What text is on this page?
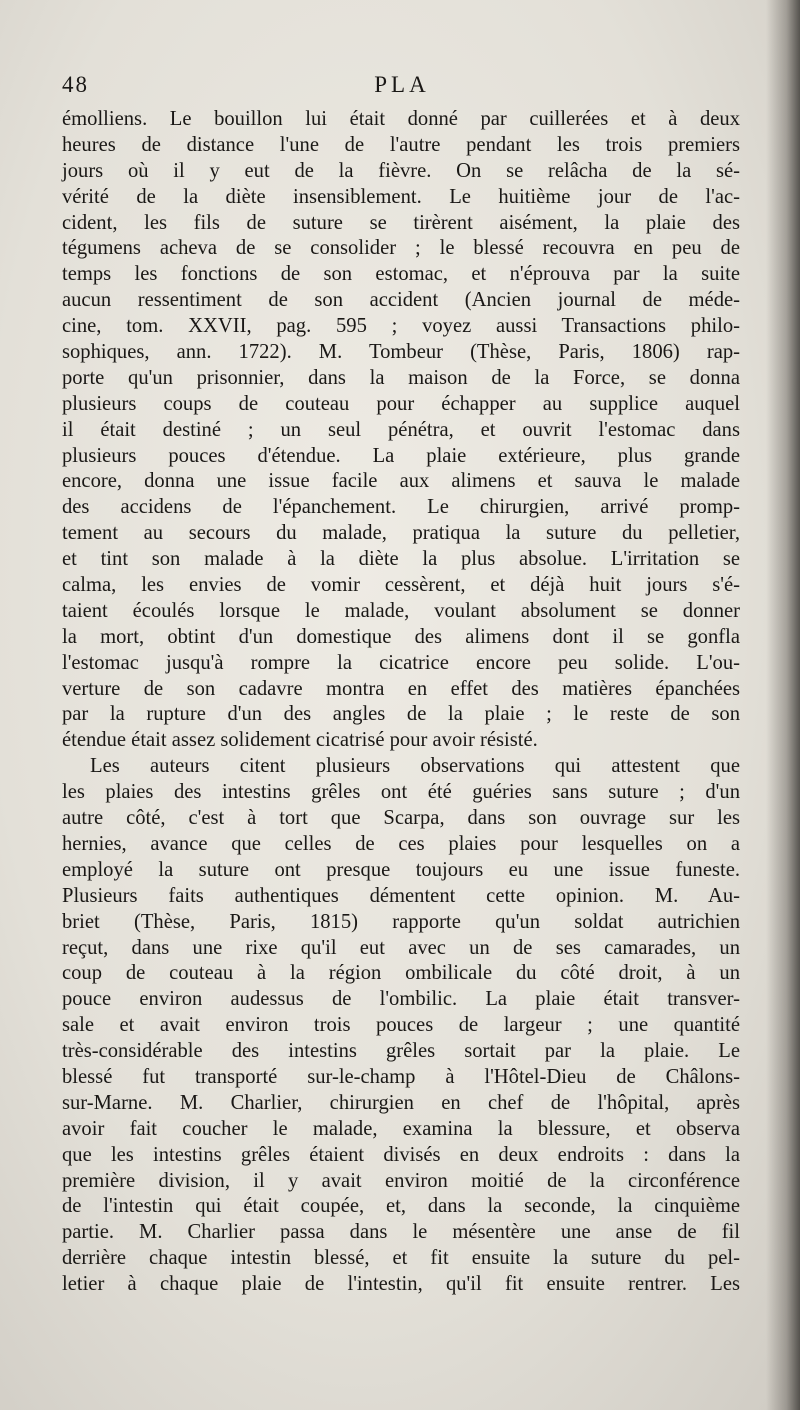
48	PLA
émolliens. Le bouillon lui était donné par cuillerées et à deux
heures de distance l'une de l'autre pendant les trois premiers
jours où il y eut de la fièvre. On se relâcha de la sé-
vérité de la diète insensiblement. Le huitième jour de l'ac-
cident, les fils de suture se tirèrent aisément, la plaie des
tégumens acheva de se consolider ; le blessé recouvra en peu de
temps les fonctions de son estomac, et n'éprouva par la suite
aucun ressentiment de son accident (Ancien journal de méde-
cine, tom. XXVII, pag. 595 ; voyez aussi Transactions philo-
sophiques, ann. 1722). M. Tombeur (Thèse, Paris, 1806) rap-
porte qu'un prisonnier, dans la maison de la Force, se donna
plusieurs coups de couteau pour échapper au supplice auquel
il était destiné ; un seul pénétra, et ouvrit l'estomac dans
plusieurs pouces d'étendue. La plaie extérieure, plus grande
encore, donna une issue facile aux alimens et sauva le malade
des accidens de l'épanchement. Le chirurgien, arrivé promp-
tement au secours du malade, pratiqua la suture du pelletier,
et tint son malade à la diète la plus absolue. L'irritation se
calma, les envies de vomir cessèrent, et déjà huit jours s'é-
taient écoulés lorsque le malade, voulant absolument se donner
la mort, obtint d'un domestique des alimens dont il se gonfla
l'estomac jusqu'à rompre la cicatrice encore peu solide. L'ou-
verture de son cadavre montra en effet des matières épanchées
par la rupture d'un des angles de la plaie ; le reste de son
étendue était assez solidement cicatrisé pour avoir résisté.
Les auteurs citent plusieurs observations qui attestent que
les plaies des intestins grêles ont été guéries sans suture ; d'un
autre côté, c'est à tort que Scarpa, dans son ouvrage sur les
hernies, avance que celles de ces plaies pour lesquelles on a
employé la suture ont presque toujours eu une issue funeste.
Plusieurs faits authentiques démentent cette opinion. M. Au-
briet (Thèse, Paris, 1815) rapporte qu'un soldat autrichien
reçut, dans une rixe qu'il eut avec un de ses camarades, un
coup de couteau à la région ombilicale du côté droit, à un
pouce environ audessus de l'ombilic. La plaie était transver-
sale et avait environ trois pouces de largeur ; une quantité
très-considérable des intestins grêles sortait par la plaie. Le
blessé fut transporté sur-le-champ à l'Hôtel-Dieu de Châlons-
sur-Marne. M. Charlier, chirurgien en chef de l'hôpital, après
avoir fait coucher le malade, examina la blessure, et observa
que les intestins grêles étaient divisés en deux endroits : dans la
première division, il y avait environ moitié de la circonférence
de l'intestin qui était coupée, et, dans la seconde, la cinquième
partie. M. Charlier passa dans le mésentère une anse de fil
derrière chaque intestin blessé, et fit ensuite la suture du pel-
letier à chaque plaie de l'intestin, qu'il fit ensuite rentrer. Les
